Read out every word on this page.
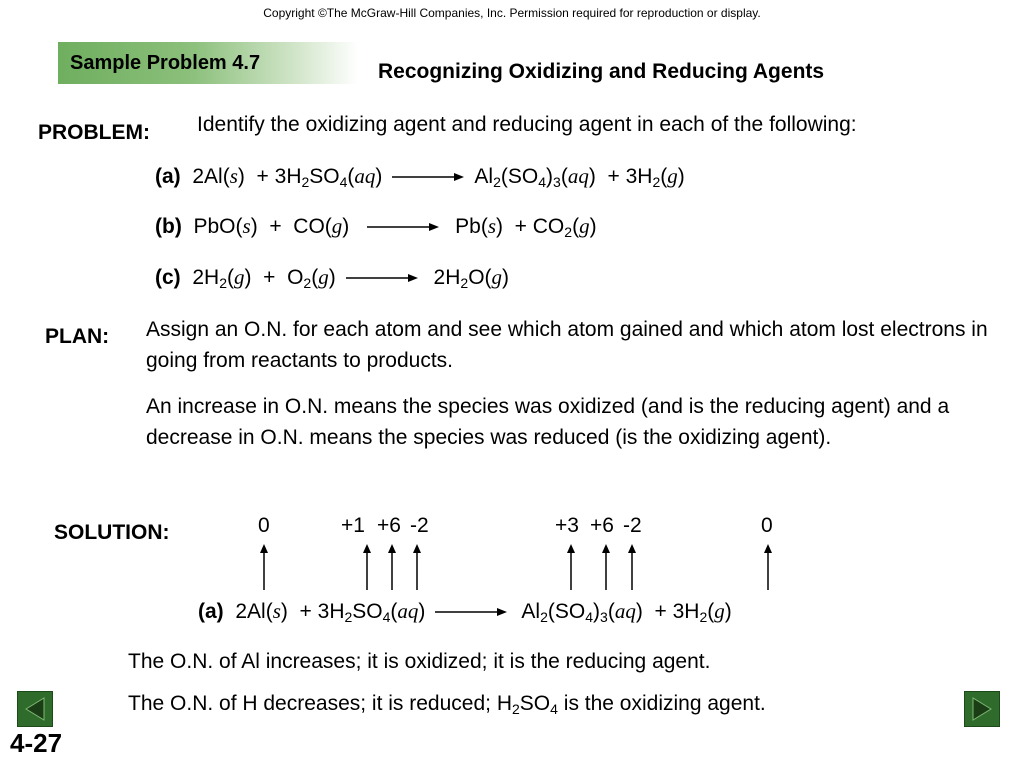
Copyright ©The McGraw-Hill Companies, Inc. Permission required for reproduction or display.
Sample Problem 4.7	Recognizing Oxidizing and Reducing Agents
PROBLEM: Identify the oxidizing agent and reducing agent in each of the following:
(a)  $2Al(s) + 3H_2SO_4(aq) \to Al_2(SO_4)_3(aq) + 3H_2(g)$
(b)  $PbO(s) + CO(g) \to Pb(s) + CO_2(g)$
(c)  $2H_2(g) + O_2(g) \to 2H_2O(g)$
PLAN: Assign an O.N. for each atom and see which atom gained and which atom lost electrons in going from reactants to products.
An increase in O.N. means the species was oxidized (and is the reducing agent) and a decrease in O.N. means the species was reduced (is the oxidizing agent).
SOLUTION:	0	+1 +6 -2	+3 +6 -2	0
(a)  $2Al(s) + 3H_2SO_4(aq) \to Al_2(SO_4)_3(aq) + 3H_2(g)$
The O.N. of Al increases; it is oxidized; it is the reducing agent.
The O.N. of H decreases; it is reduced; $H_2SO_4$ is the oxidizing agent.
4-27
